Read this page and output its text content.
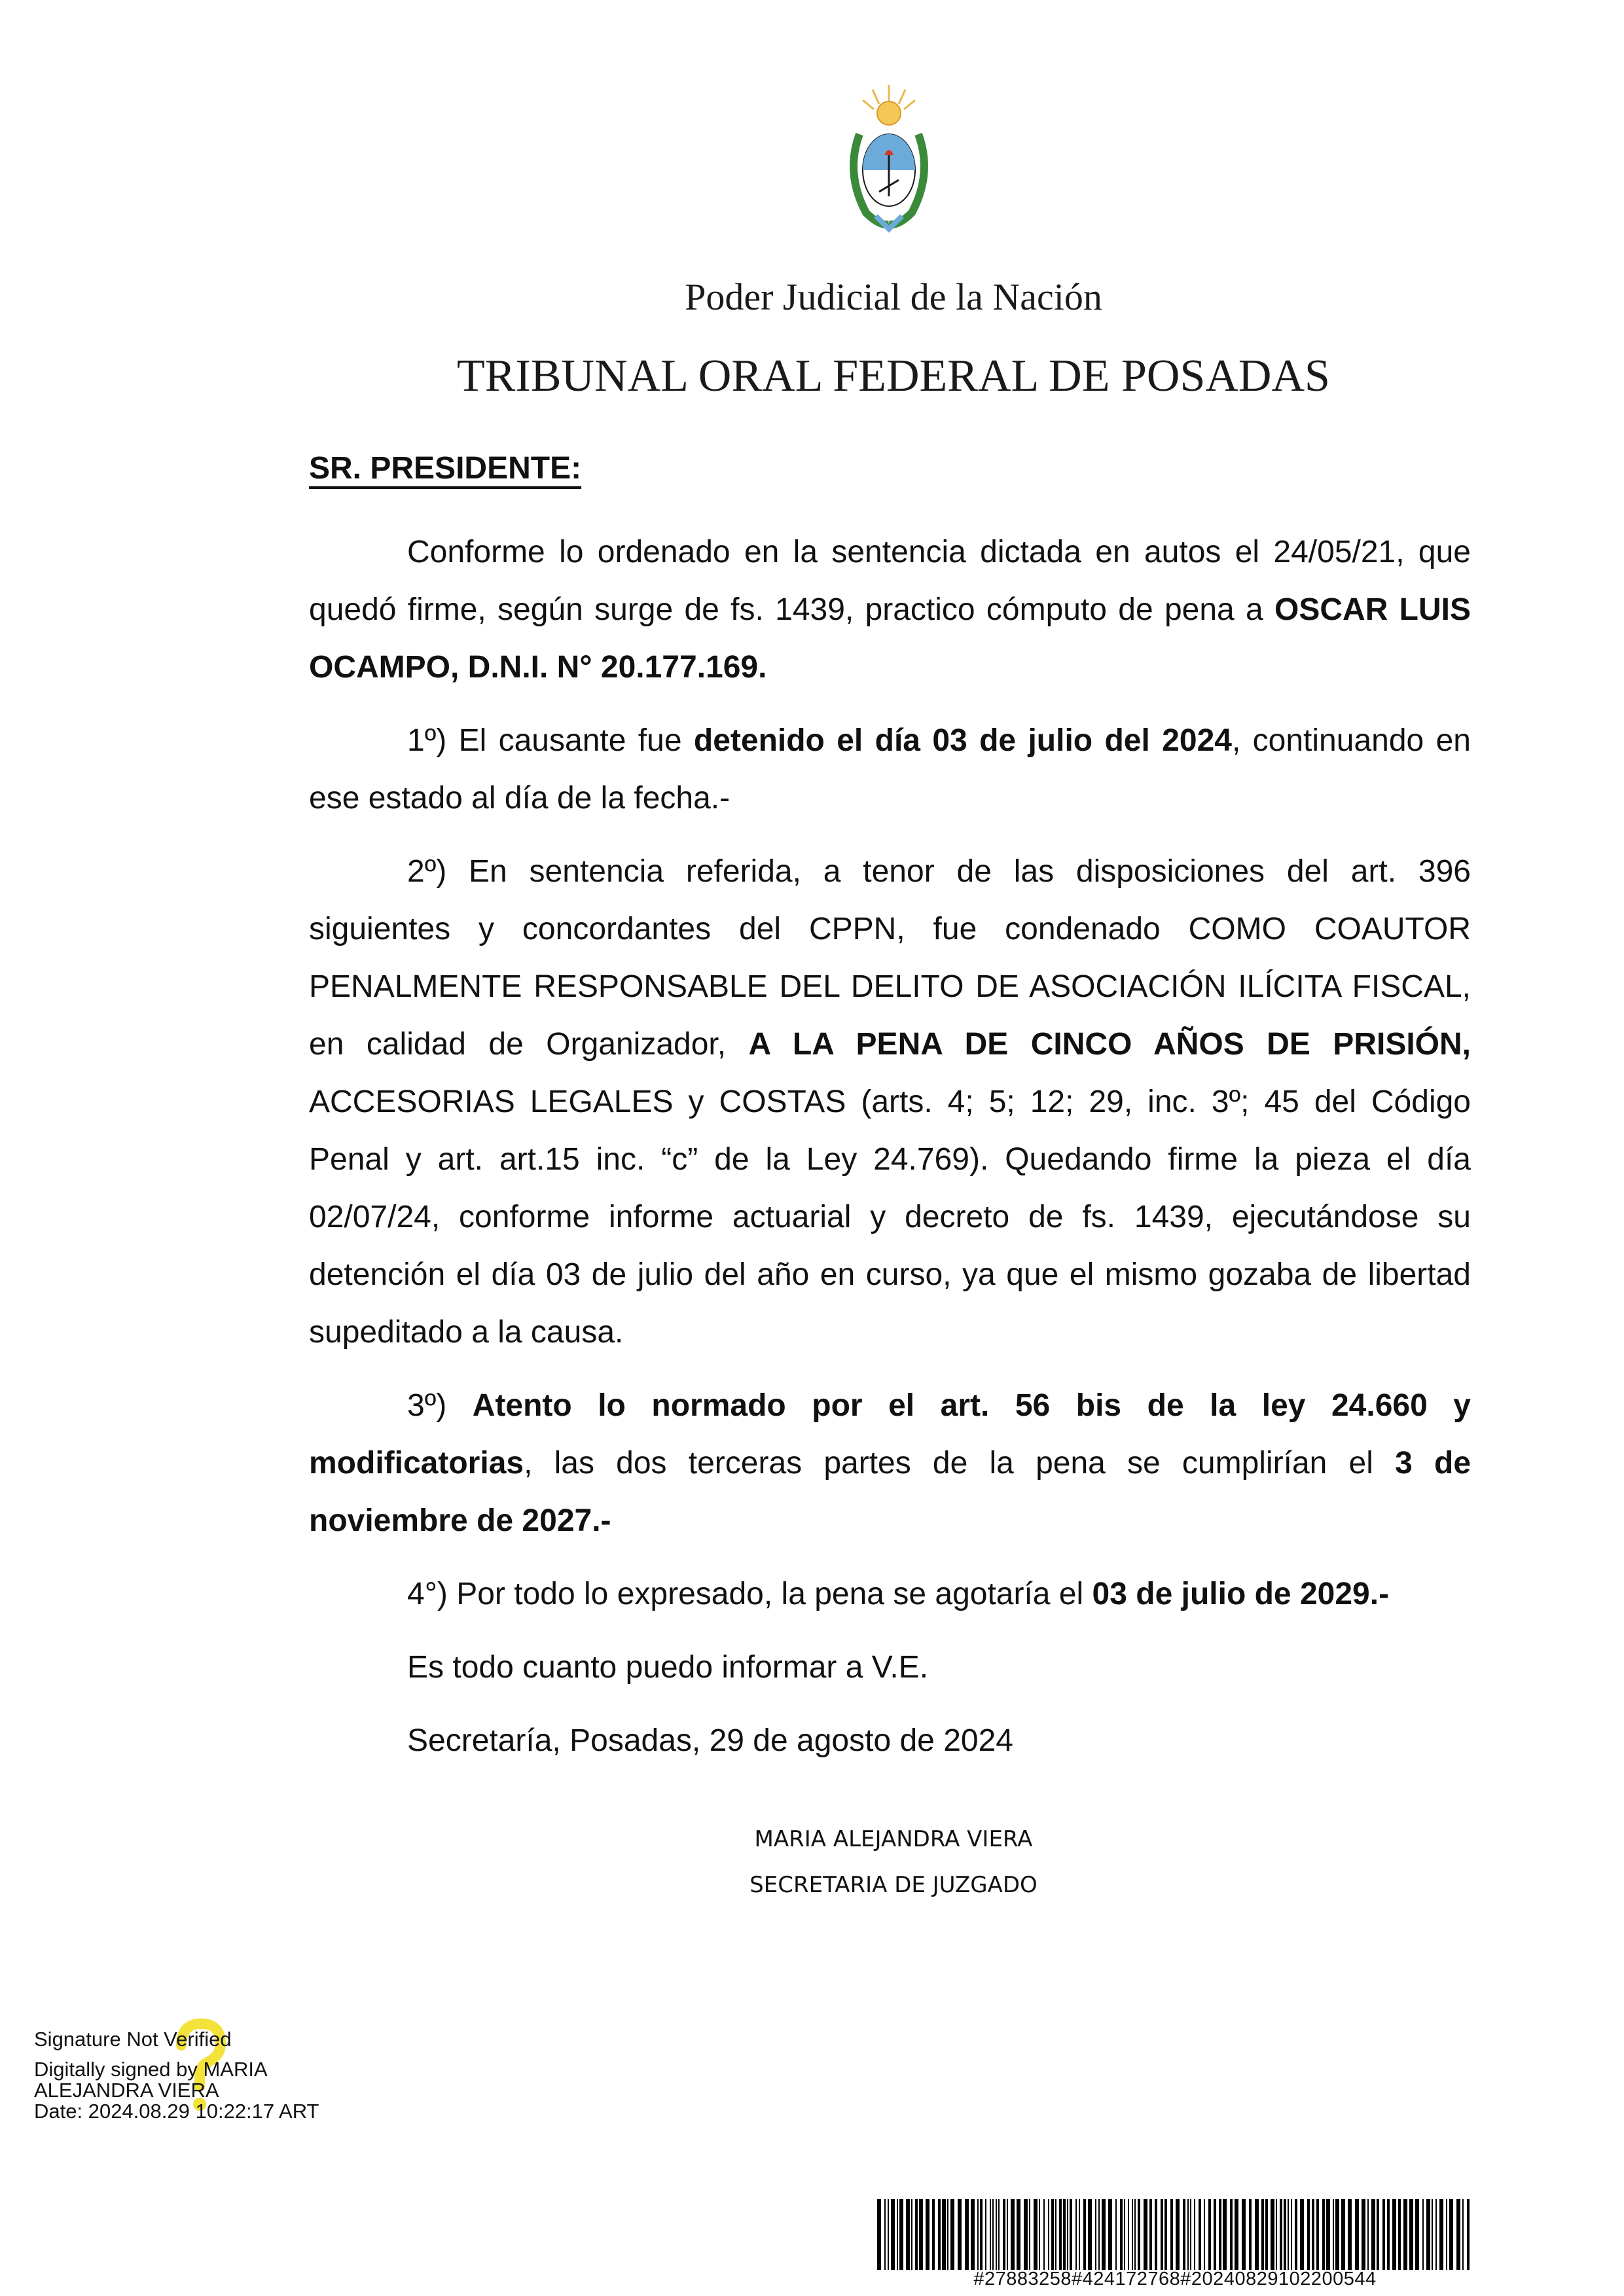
Poder Judicial de la Nación
TRIBUNAL ORAL FEDERAL DE POSADAS
SR. PRESIDENTE:

Conforme lo ordenado en la sentencia dictada en autos el 24/05/21, que quedó firme, según surge de fs. 1439, practico cómputo de pena a OSCAR LUIS OCAMPO, D.N.I. N° 20.177.169.

1º) El causante fue detenido el día 03 de julio del 2024, continuando en ese estado al día de la fecha.-

2º) En sentencia referida, a tenor de las disposiciones del art. 396 siguientes y concordantes del CPPN, fue condenado COMO COAUTOR PENALMENTE RESPONSABLE DEL DELITO DE ASOCIACIÓN ILÍCITA FISCAL, en calidad de Organizador, A LA PENA DE CINCO AÑOS DE PRISIÓN, ACCESORIAS LEGALES y COSTAS (arts. 4; 5; 12; 29, inc. 3º; 45 del Código Penal y art. art.15 inc. “c” de la Ley 24.769). Quedando firme la pieza el día 02/07/24, conforme informe actuarial y decreto de fs. 1439, ejecutándose su detención el día 03 de julio del año en curso, ya que el mismo gozaba de libertad supeditado a la causa.

3º) Atento lo normado por el art. 56 bis de la ley 24.660 y modificatorias, las dos terceras partes de la pena se cumplirían el 3 de noviembre de 2027.-

4°) Por todo lo expresado, la pena se agotaría el 03 de julio de 2029.-

Es todo cuanto puedo informar a V.E.

Secretaría, Posadas, 29 de agosto de 2024

MARIA ALEJANDRA VIERA
SECRETARIA DE JUZGADO
Signature Not Verified
Digitally signed by MARIA
ALEJANDRA VIERA
Date: 2024.08.29 10:22:17 ART
#27883258#424172768#20240829102200544
